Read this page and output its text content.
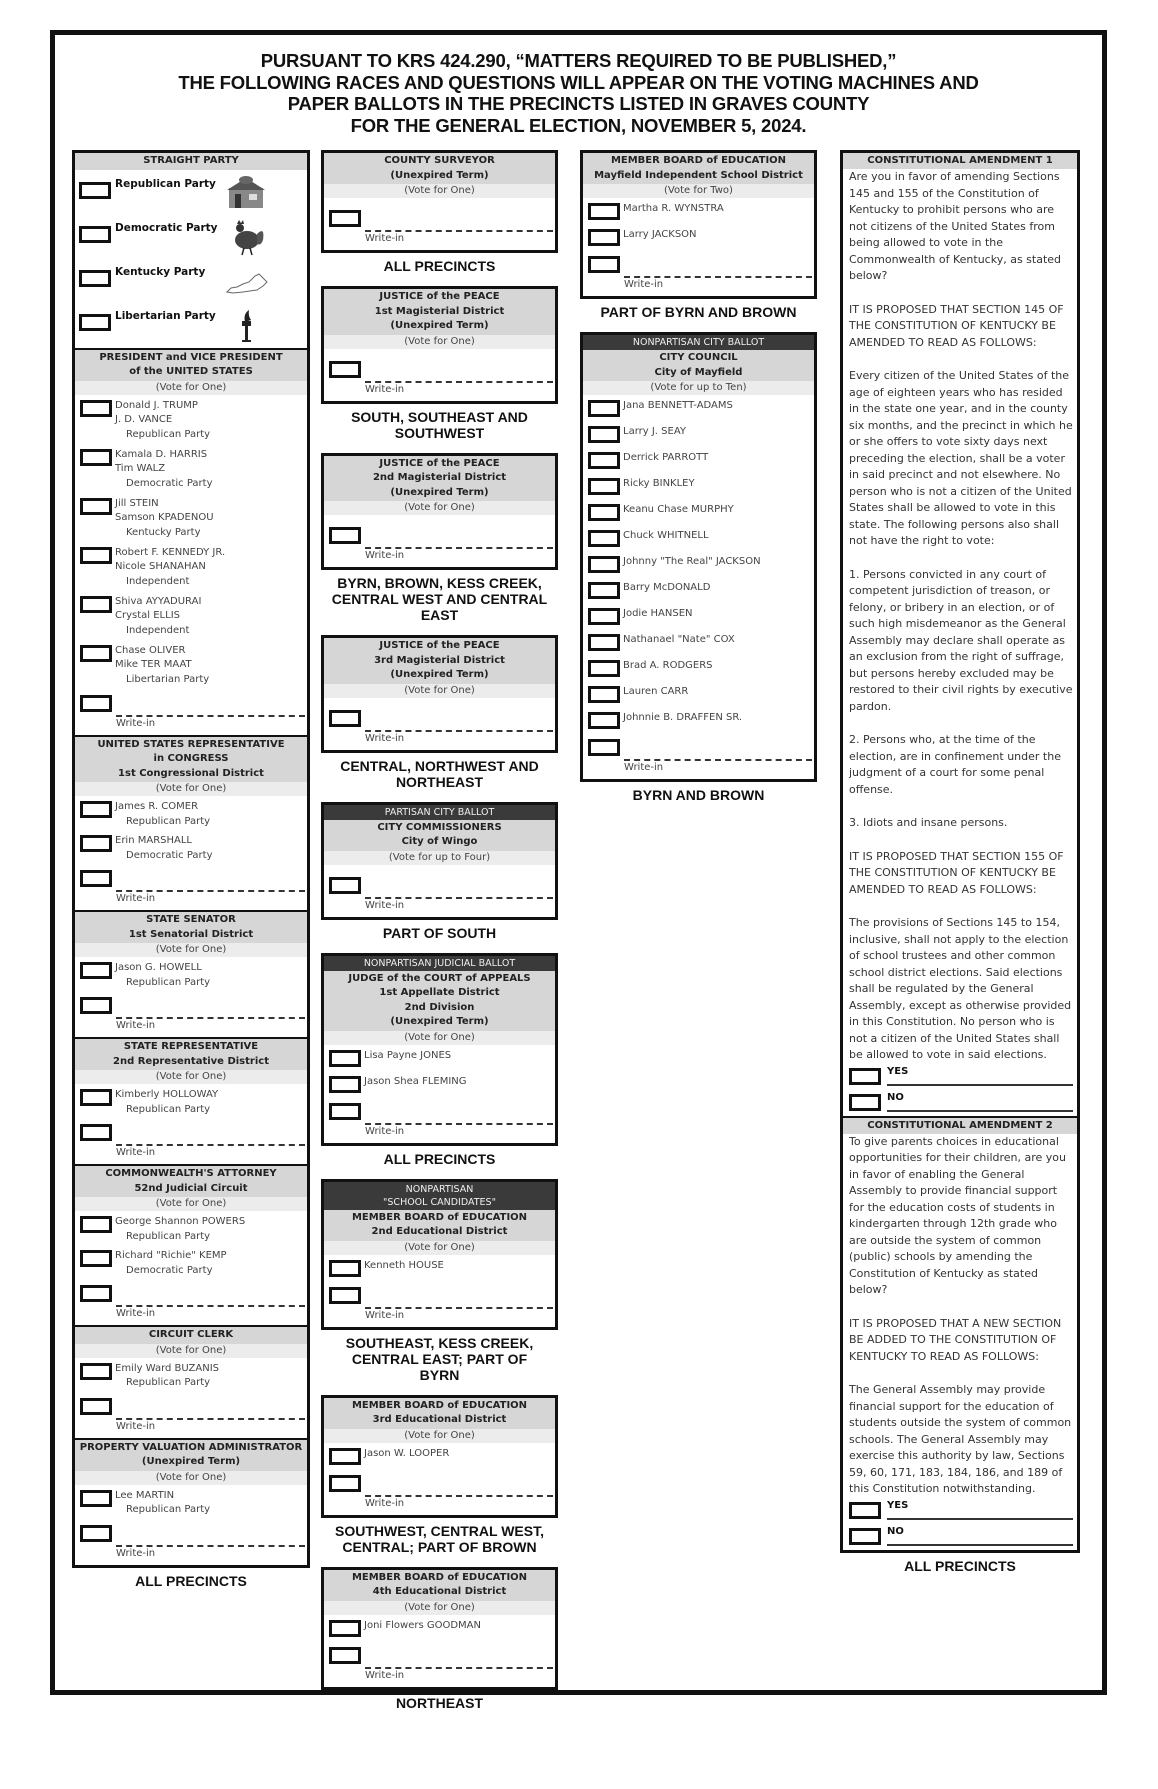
PURSUANT TO KRS 424.290, “MATTERS REQUIRED TO BE PUBLISHED,”
THE FOLLOWING RACES AND QUESTIONS WILL APPEAR ON THE VOTING MACHINES AND
PAPER BALLOTS IN THE PRECINCTS LISTED IN GRAVES COUNTY
FOR THE GENERAL ELECTION, NOVEMBER 5, 2024.
STRAIGHT PARTY
Republican Party
Democratic Party
Kentucky Party
Libertarian Party
PRESIDENT and VICE PRESIDENT
of the UNITED STATES
(Vote for One)
Donald J. TRUMP
J. D. VANCE
Republican Party
Kamala D. HARRIS
Tim WALZ
Democratic Party
Jill STEIN
Samson KPADENOU
Kentucky Party
Robert F. KENNEDY JR.
Nicole SHANAHAN
Independent
Shiva AYYADURAI
Crystal ELLIS
Independent
Chase OLIVER
Mike TER MAAT
Libertarian Party
Write-in
UNITED STATES REPRESENTATIVE
in CONGRESS
1st Congressional District
(Vote for One)
James R. COMER
Republican Party
Erin MARSHALL
Democratic Party
Write-in
STATE SENATOR
1st Senatorial District
(Vote for One)
Jason G. HOWELL
Republican Party
Write-in
STATE REPRESENTATIVE
2nd Representative District
(Vote for One)
Kimberly HOLLOWAY
Republican Party
Write-in
COMMONWEALTH'S ATTORNEY
52nd Judicial Circuit
(Vote for One)
George Shannon POWERS
Republican Party
Richard "Richie" KEMP
Democratic Party
Write-in
CIRCUIT CLERK
(Vote for One)
Emily Ward BUZANIS
Republican Party
Write-in
PROPERTY VALUATION ADMINISTRATOR
(Unexpired Term)
(Vote for One)
Lee MARTIN
Republican Party
Write-in
ALL PRECINCTS
COUNTY SURVEYOR
(Unexpired Term)
(Vote for One)
Write-in
ALL PRECINCTS
JUSTICE of the PEACE
1st Magisterial District
(Unexpired Term)
(Vote for One)
Write-in
SOUTH, SOUTHEAST AND SOUTHWEST
JUSTICE of the PEACE
2nd Magisterial District
(Unexpired Term)
(Vote for One)
Write-in
BYRN, BROWN, KESS CREEK, CENTRAL WEST AND CENTRAL EAST
JUSTICE of the PEACE
3rd Magisterial District
(Unexpired Term)
(Vote for One)
Write-in
CENTRAL, NORTHWEST AND NORTHEAST
PARTISAN CITY BALLOT
CITY COMMISSIONERS
City of Wingo
(Vote for up to Four)
Write-in
PART OF SOUTH
NONPARTISAN JUDICIAL BALLOT
JUDGE of the COURT of APPEALS
1st Appellate District
2nd Division
(Unexpired Term)
(Vote for One)
Lisa Payne JONES
Jason Shea FLEMING
Write-in
ALL PRECINCTS
NONPARTISAN
"SCHOOL CANDIDATES"
MEMBER BOARD of EDUCATION
2nd Educational District
(Vote for One)
Kenneth HOUSE
Write-in
SOUTHEAST, KESS CREEK, CENTRAL EAST; PART OF BYRN
MEMBER BOARD of EDUCATION
3rd Educational District
(Vote for One)
Jason W. LOOPER
Write-in
SOUTHWEST, CENTRAL WEST, CENTRAL; PART OF BROWN
MEMBER BOARD of EDUCATION
4th Educational District
(Vote for One)
Joni Flowers GOODMAN
Write-in
NORTHEAST
MEMBER BOARD of EDUCATION
Mayfield Independent School District
(Vote for Two)
Martha R. WYNSTRA
Larry JACKSON
Write-in
PART OF BYRN AND BROWN
NONPARTISAN CITY BALLOT
CITY COUNCIL
City of Mayfield
(Vote for up to Ten)
Jana BENNETT-ADAMS
Larry J. SEAY
Derrick PARROTT
Ricky BINKLEY
Keanu Chase MURPHY
Chuck WHITNELL
Johnny "The Real" JACKSON
Barry McDONALD
Jodie HANSEN
Nathanael "Nate" COX
Brad A. RODGERS
Lauren CARR
Johnnie B. DRAFFEN SR.
Write-in
BYRN AND BROWN
CONSTITUTIONAL AMENDMENT 1
Are you in favor of amending Sections 145 and 155 of the Constitution of Kentucky to prohibit persons who are not citizens of the United States from being allowed to vote in the Commonwealth of Kentucky, as stated below?
IT IS PROPOSED THAT SECTION 145 OF THE CONSTITUTION OF KENTUCKY BE AMENDED TO READ AS FOLLOWS:
Every citizen of the United States of the age of eighteen years who has resided in the state one year, and in the county six months, and the precinct in which he or she offers to vote sixty days next preceding the election, shall be a voter in said precinct and not elsewhere. No person who is not a citizen of the United States shall be allowed to vote in this state. The following persons also shall not have the right to vote:
1. Persons convicted in any court of competent jurisdiction of treason, or felony, or bribery in an election, or of such high misdemeanor as the General Assembly may declare shall operate as an exclusion from the right of suffrage, but persons hereby excluded may be restored to their civil rights by executive pardon.
2. Persons who, at the time of the election, are in confinement under the judgment of a court for some penal offense.
3. Idiots and insane persons.
IT IS PROPOSED THAT SECTION 155 OF THE CONSTITUTION OF KENTUCKY BE AMENDED TO READ AS FOLLOWS:
The provisions of Sections 145 to 154, inclusive, shall not apply to the election of school trustees and other common school district elections. Said elections shall be regulated by the General Assembly, except as otherwise provided in this Constitution. No person who is not a citizen of the United States shall be allowed to vote in said elections.
YES
NO
CONSTITUTIONAL AMENDMENT 2
To give parents choices in educational opportunities for their children, are you in favor of enabling the General Assembly to provide financial support for the education costs of students in kindergarten through 12th grade who are outside the system of common (public) schools by amending the Constitution of Kentucky as stated below?
IT IS PROPOSED THAT A NEW SECTION BE ADDED TO THE CONSTITUTION OF KENTUCKY TO READ AS FOLLOWS:
The General Assembly may provide financial support for the education of students outside the system of common schools. The General Assembly may exercise this authority by law, Sections 59, 60, 171, 183, 184, 186, and 189 of this Constitution notwithstanding.
YES
NO
ALL PRECINCTS
